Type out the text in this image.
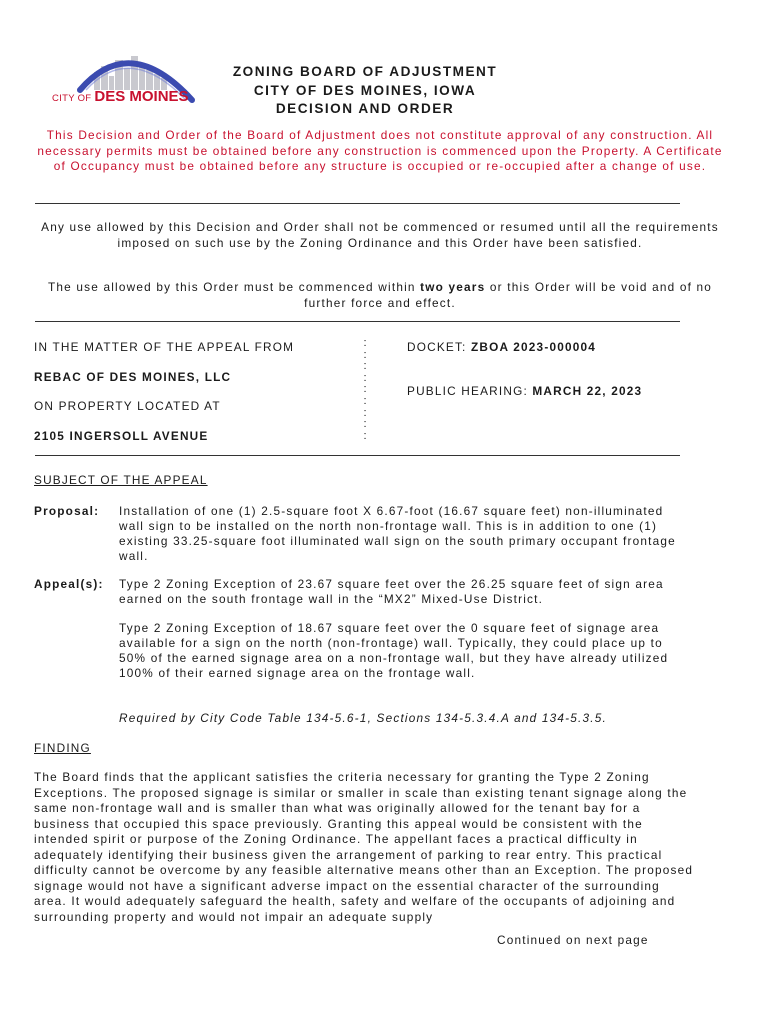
CITY OF DES MOINES
ZONING BOARD OF ADJUSTMENT
CITY OF DES MOINES, IOWA
DECISION AND ORDER
This Decision and Order of the Board of Adjustment does not constitute approval of any construction. All necessary permits must be obtained before any construction is commenced upon the Property. A Certificate of Occupancy must be obtained before any structure is occupied or re-occupied after a change of use.
Any use allowed by this Decision and Order shall not be commenced or resumed until all the requirements imposed on such use by the Zoning Ordinance and this Order have been satisfied.
The use allowed by this Order must be commenced within two years or this Order will be void and of no further force and effect.
IN THE MATTER OF THE APPEAL FROM
REBAC OF DES MOINES, LLC
ON PROPERTY LOCATED AT
2105 INGERSOLL AVENUE
:
:
:
:
:
:
:
:
:
DOCKET: ZBOA 2023-000004
PUBLIC HEARING: MARCH 22, 2023
SUBJECT OF THE APPEAL
Proposal: Installation of one (1) 2.5-square foot X 6.67-foot (16.67 square feet) non-illuminated wall sign to be installed on the north non-frontage wall. This is in addition to one (1) existing 33.25-square foot illuminated wall sign on the south primary occupant frontage wall.
Appeal(s): Type 2 Zoning Exception of 23.67 square feet over the 26.25 square feet of sign area earned on the south frontage wall in the “MX2” Mixed-Use District.
Type 2 Zoning Exception of 18.67 square feet over the 0 square feet of signage area available for a sign on the north (non-frontage) wall. Typically, they could place up to 50% of the earned signage area on a non-frontage wall, but they have already utilized 100% of their earned signage area on the frontage wall.
Required by City Code Table 134-5.6-1, Sections 134-5.3.4.A and 134-5.3.5.
FINDING
The Board finds that the applicant satisfies the criteria necessary for granting the Type 2 Zoning Exceptions. The proposed signage is similar or smaller in scale than existing tenant signage along the same non-frontage wall and is smaller than what was originally allowed for the tenant bay for a business that occupied this space previously. Granting this appeal would be consistent with the intended spirit or purpose of the Zoning Ordinance. The appellant faces a practical difficulty in adequately identifying their business given the arrangement of parking to rear entry. This practical difficulty cannot be overcome by any feasible alternative means other than an Exception. The proposed signage would not have a significant adverse impact on the essential character of the surrounding area. It would adequately safeguard the health, safety and welfare of the occupants of adjoining and surrounding property and would not impair an adequate supply
Continued on next page
